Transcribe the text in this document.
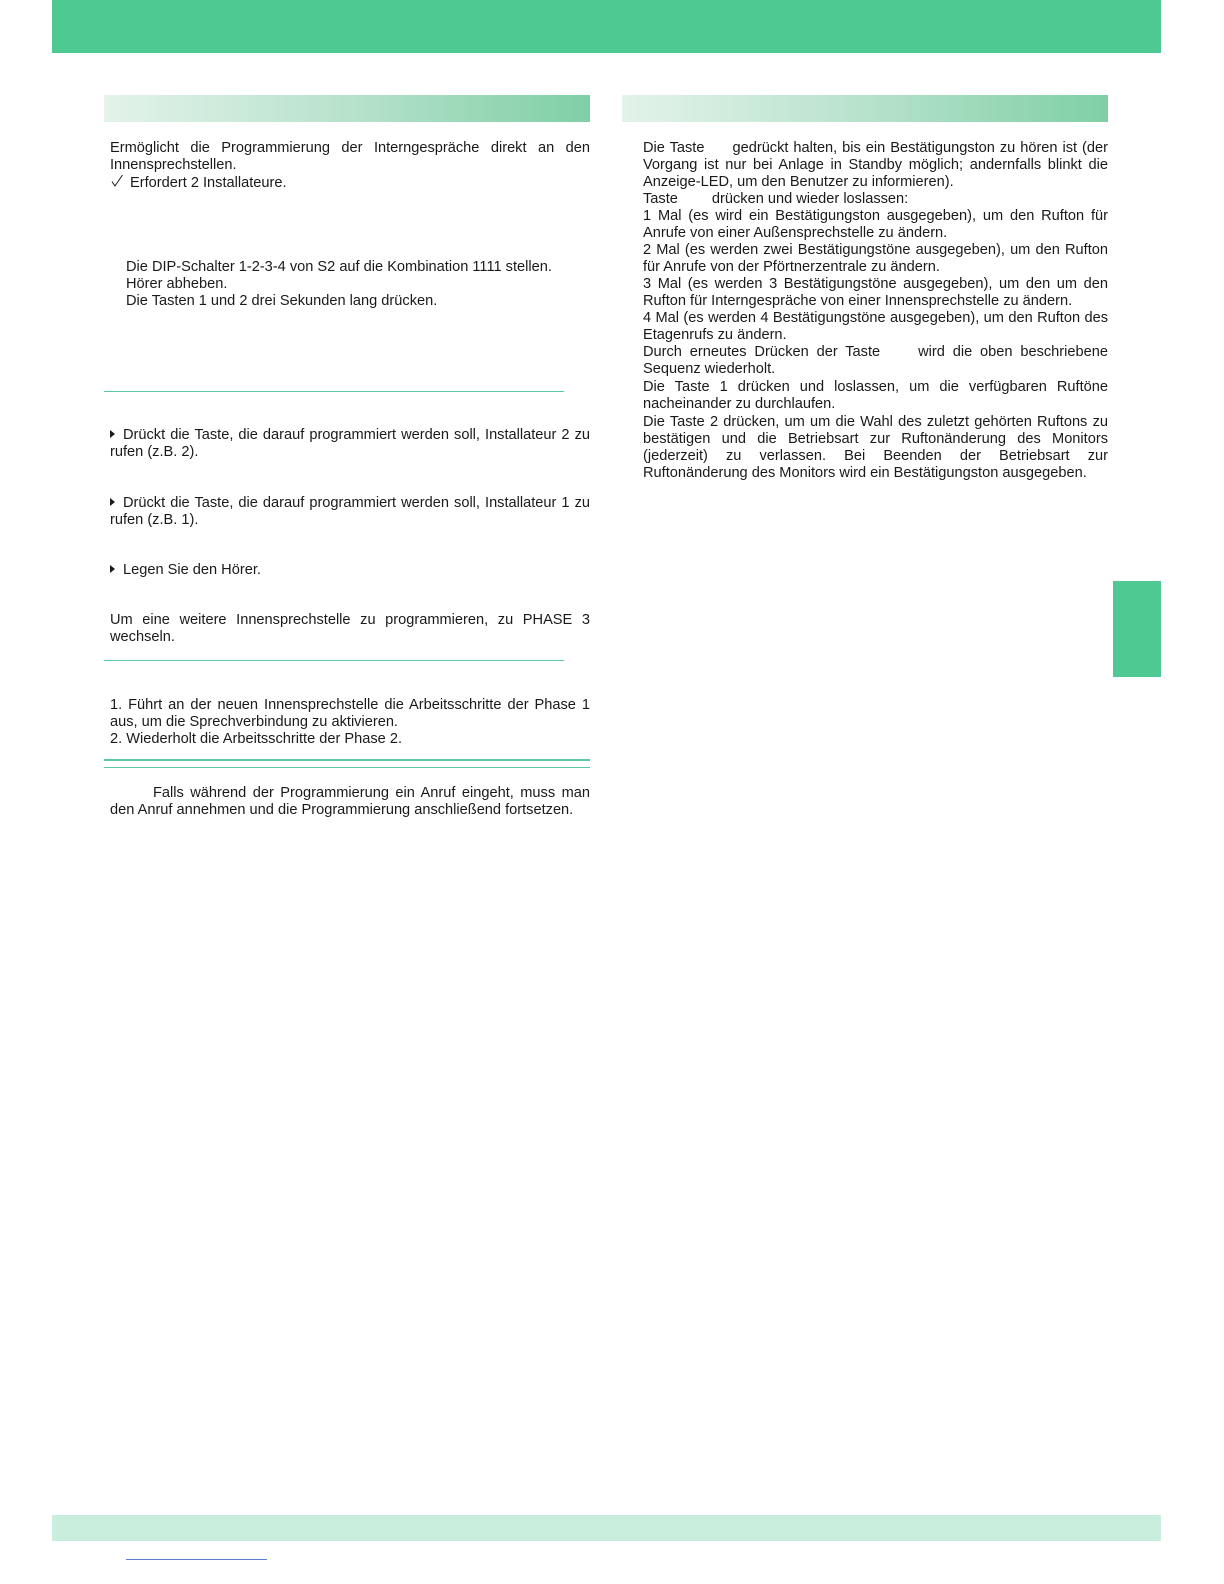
Ermöglicht die Programmierung der Interngespräche direkt an den Innensprechstellen.

Erfordert 2 Installateure.

Die DIP-Schalter 1-2-3-4 von S2 auf die Kombination 1111 stellen.

Hörer abheben.

Die Tasten 1 und 2 drei Sekunden lang drücken.

Drückt die Taste, die darauf programmiert werden soll, Installateur 2 zu rufen (z.B. 2).

Drückt die Taste, die darauf programmiert werden soll, Installateur 1 zu rufen (z.B. 1).

Legen Sie den Hörer.

Um eine weitere Innensprechstelle zu programmieren, zu PHASE 3 wechseln.

1. Führt an der neuen Innensprechstelle die Arbeitsschritte der Phase 1 aus, um die Sprechverbindung zu aktivieren.

2. Wiederholt die Arbeitsschritte der Phase 2.

Falls während der Programmierung ein Anruf eingeht, muss man den Anruf annehmen und die Programmierung anschließend fortsetzen.

Die Taste gedrückt halten, bis ein Bestätigungston zu hören ist (der Vorgang ist nur bei Anlage in Standby möglich; andernfalls blinkt die Anzeige-LED, um den Benutzer zu informieren).

Taste drücken und wieder loslassen:

1 Mal (es wird ein Bestätigungston ausgegeben), um den Rufton für Anrufe von einer Außensprechstelle zu ändern.

2 Mal (es werden zwei Bestätigungstöne ausgegeben), um den Rufton für Anrufe von der Pförtnerzentrale zu ändern.

3 Mal (es werden 3 Bestätigungstöne ausgegeben), um den um den Rufton für Interngespräche von einer Innensprechstelle zu ändern.

4 Mal (es werden 4 Bestätigungstöne ausgegeben), um den Rufton des Etagenrufs zu ändern.

Durch erneutes Drücken der Taste	wird die oben beschriebene Sequenz wiederholt.

Die Taste 1 drücken und loslassen, um die verfügbaren Ruftöne nacheinander zu durchlaufen.

Die Taste 2 drücken, um um die Wahl des zuletzt gehörten Ruftons zu bestätigen und die Betriebsart zur Ruftonänderung des Monitors (jederzeit) zu verlassen. Bei Beenden der Betriebsart zur Ruftonänderung des Monitors wird ein Bestätigungston ausgegeben.
